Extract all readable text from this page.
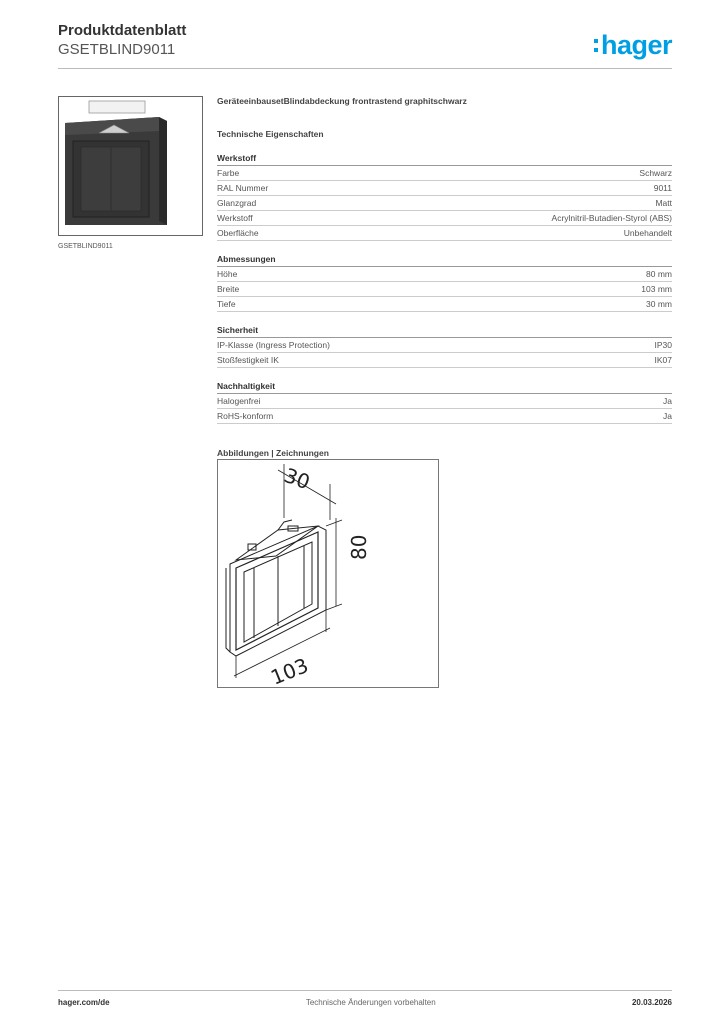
Produktdatenblatt
GSETBLIND9011	hager
GSETBLIND9011
GeräteeinbausetBlindabdeckung frontrastend graphitschwarz
Technische Eigenschaften
Werkstoff
Farbe	Schwarz
RAL Nummer	9011
Glanzgrad	Matt
Werkstoff	Acrylnitril-Butadien-Styrol (ABS)
Oberfläche	Unbehandelt
Abmessungen
Höhe	80 mm
Breite	103 mm
Tiefe	30 mm
Sicherheit
IP-Klasse (Ingress Protection)	IP30
Stoßfestigkeit IK	IK07
Nachhaltigkeit
Halogenfrei	Ja
RoHS-konform	Ja
Abbildungen | Zeichnungen
30
80
103
hager.com/de	Technische Änderungen vorbehalten	20.03.2026
